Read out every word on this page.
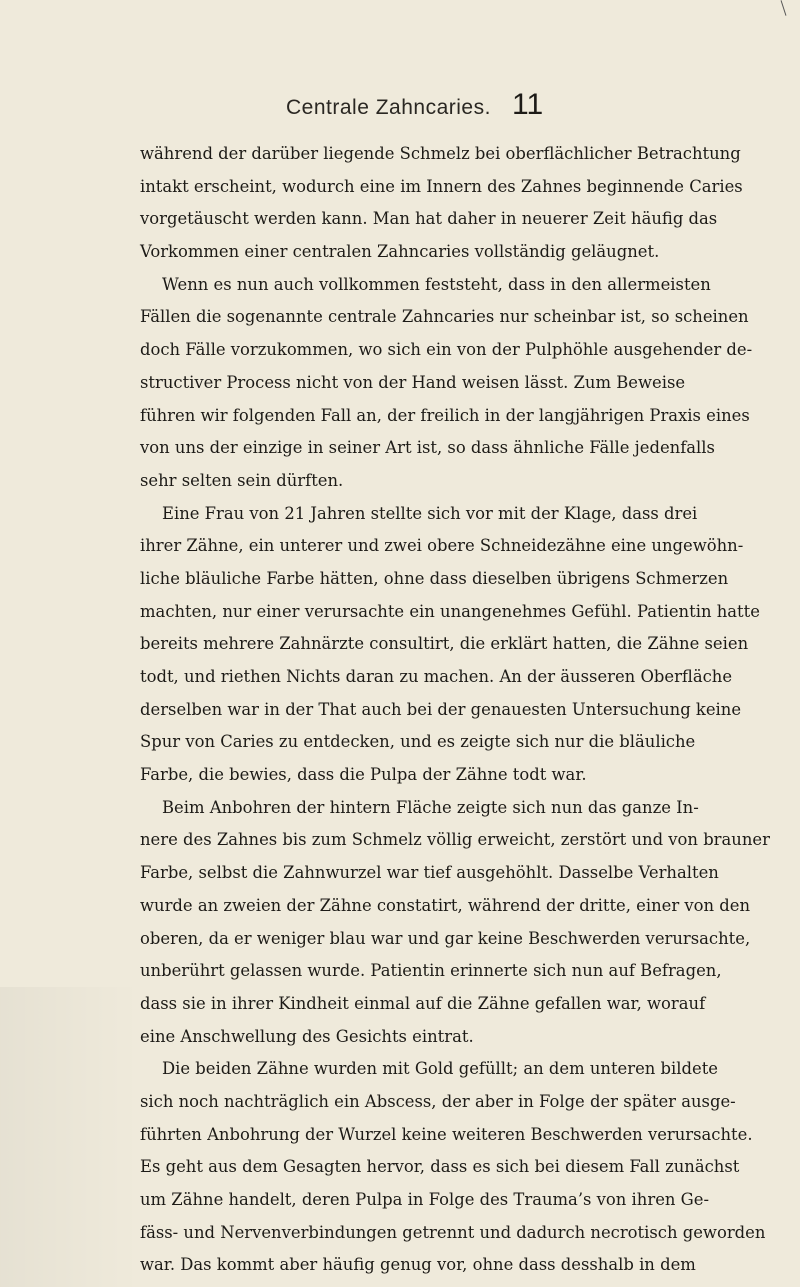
Centrale Zahncaries. 11
während der darüber liegende Schmelz bei oberflächlicher Betrachtung
intakt erscheint, wodurch eine im Innern des Zahnes beginnende Caries
vorgetäuscht werden kann. Man hat daher in neuerer Zeit häufig das
Vorkommen einer centralen Zahncaries vollständig geläugnet.
Wenn es nun auch vollkommen feststeht, dass in den allermeisten
Fällen die sogenannte centrale Zahncaries nur scheinbar ist, so scheinen
doch Fälle vorzukommen, wo sich ein von der Pulphöhle ausgehender de-
structiver Process nicht von der Hand weisen lässt. Zum Beweise
führen wir folgenden Fall an, der freilich in der langjährigen Praxis eines
von uns der einzige in seiner Art ist, so dass ähnliche Fälle jedenfalls
sehr selten sein dürften.
Eine Frau von 21 Jahren stellte sich vor mit der Klage, dass drei
ihrer Zähne, ein unterer und zwei obere Schneidezähne eine ungewöhn-
liche bläuliche Farbe hätten, ohne dass dieselben übrigens Schmerzen
machten, nur einer verursachte ein unangenehmes Gefühl. Patientin hatte
bereits mehrere Zahnärzte consultirt, die erklärt hatten, die Zähne seien
todt, und riethen Nichts daran zu machen. An der äusseren Oberfläche
derselben war in der That auch bei der genauesten Untersuchung keine
Spur von Caries zu entdecken, und es zeigte sich nur die bläuliche
Farbe, die bewies, dass die Pulpa der Zähne todt war.
Beim Anbohren der hintern Fläche zeigte sich nun das ganze In-
nere des Zahnes bis zum Schmelz völlig erweicht, zerstört und von brauner
Farbe, selbst die Zahnwurzel war tief ausgehöhlt. Dasselbe Verhalten
wurde an zweien der Zähne constatirt, während der dritte, einer von den
oberen, da er weniger blau war und gar keine Beschwerden verursachte,
unberührt gelassen wurde. Patientin erinnerte sich nun auf Befragen,
dass sie in ihrer Kindheit einmal auf die Zähne gefallen war, worauf
eine Anschwellung des Gesichts eintrat.
Die beiden Zähne wurden mit Gold gefüllt; an dem unteren bildete
sich noch nachträglich ein Abscess, der aber in Folge der später ausge-
führten Anbohrung der Wurzel keine weiteren Beschwerden verursachte.
Es geht aus dem Gesagten hervor, dass es sich bei diesem Fall zunächst
um Zähne handelt, deren Pulpa in Folge des Trauma’s von ihren Ge-
fäss- und Nervenverbindungen getrennt und dadurch necrotisch geworden
war. Das kommt aber häufig genug vor, ohne dass desshalb in dem
